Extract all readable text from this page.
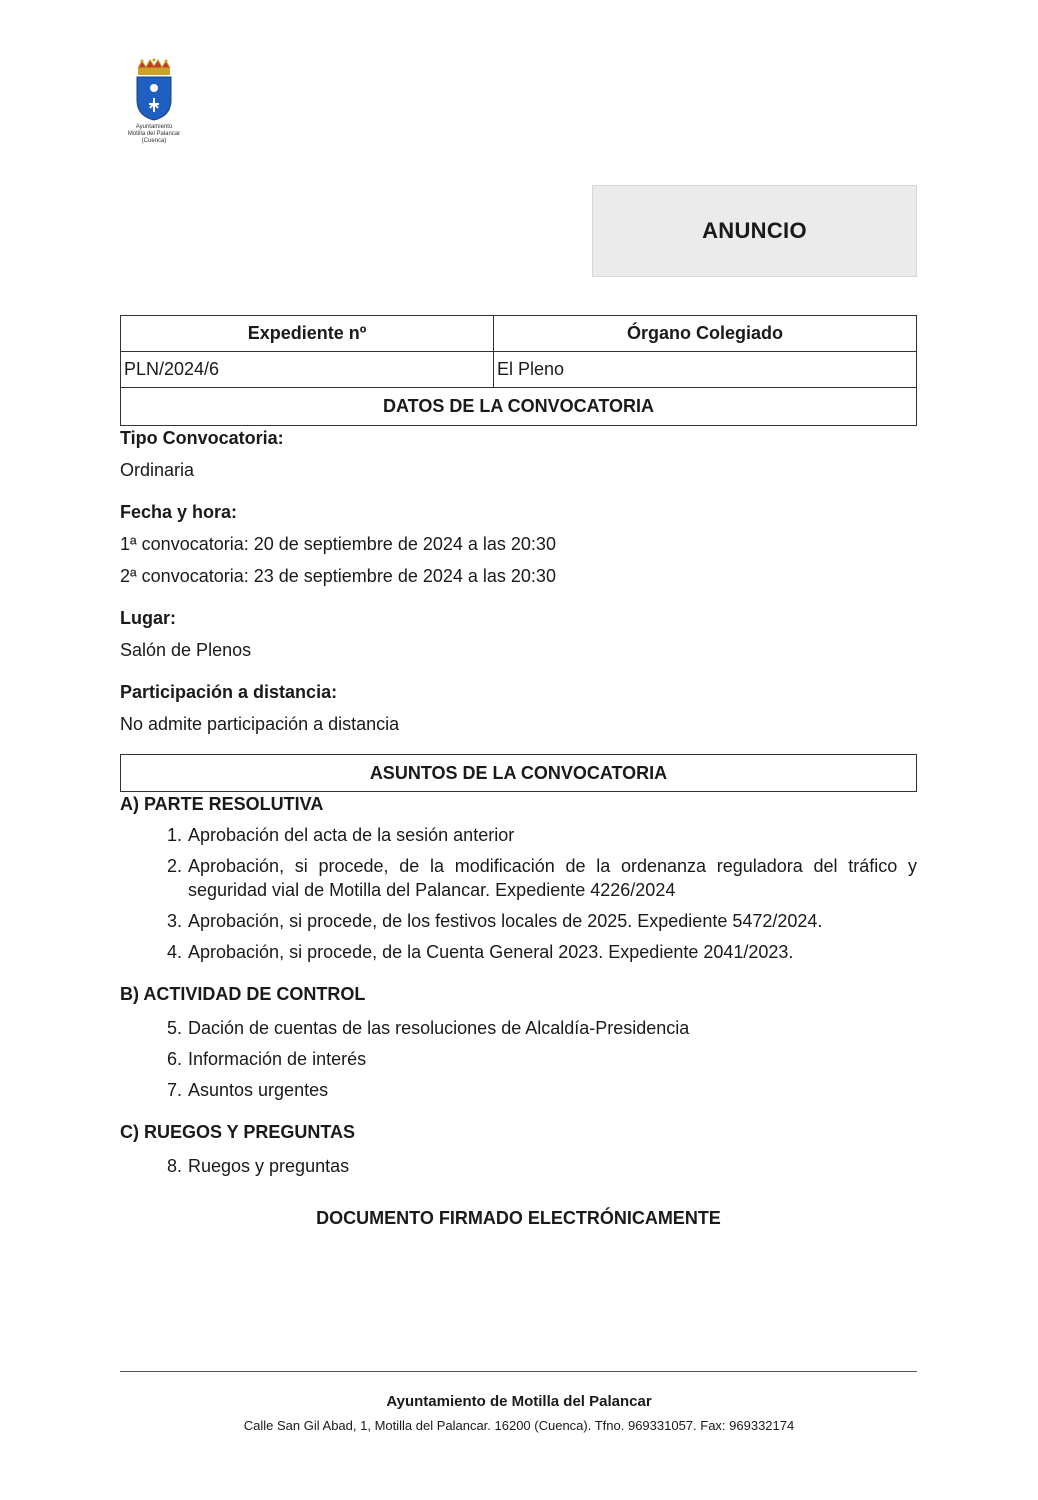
Ayuntamiento
Motilla del Palancar
(Cuenca)
ANUNCIO
Expediente nº	Órgano Colegiado
PLN/2024/6	El Pleno
DATOS DE LA CONVOCATORIA
Tipo Convocatoria:
Ordinaria
Fecha y hora:
1ª convocatoria: 20 de septiembre de 2024 a las 20:30
2ª convocatoria: 23 de septiembre de 2024 a las 20:30
Lugar:
Salón de Plenos
Participación a distancia:
No admite participación a distancia
ASUNTOS DE LA CONVOCATORIA
A) PARTE RESOLUTIVA
1. Aprobación del acta de la sesión anterior
2. Aprobación, si procede, de la modificación de la ordenanza reguladora del tráfico y seguridad vial de Motilla del Palancar. Expediente 4226/2024
3. Aprobación, si procede, de los festivos locales de 2025. Expediente 5472/2024.
4. Aprobación, si procede, de la Cuenta General 2023. Expediente 2041/2023.
B) ACTIVIDAD DE CONTROL
5. Dación de cuentas de las resoluciones de Alcaldía-Presidencia
6. Información de interés
7. Asuntos urgentes
C) RUEGOS Y PREGUNTAS
8. Ruegos y preguntas
DOCUMENTO FIRMADO ELECTRÓNICAMENTE
Ayuntamiento de Motilla del Palancar
Calle San Gil Abad, 1, Motilla del Palancar. 16200 (Cuenca). Tfno. 969331057. Fax: 969332174
